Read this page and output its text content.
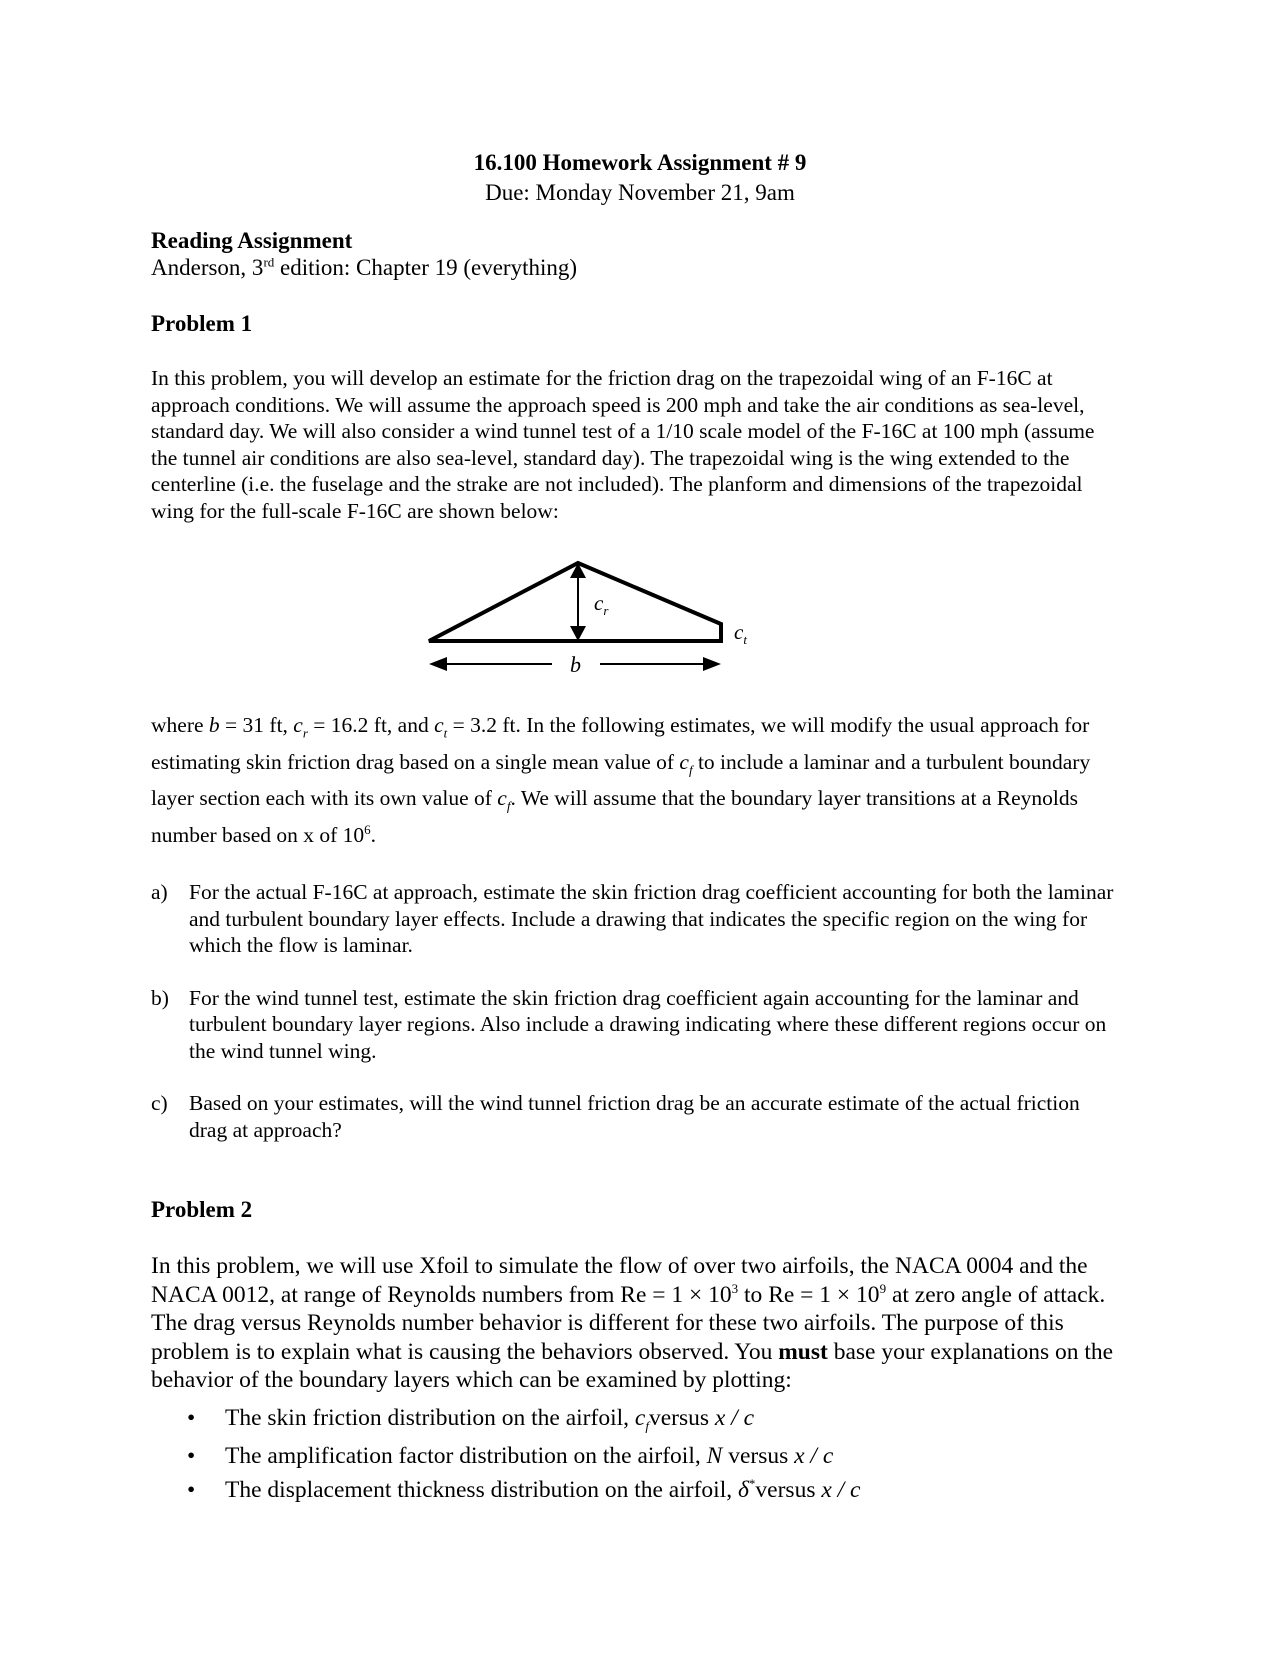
16.100 Homework Assignment # 9
Due: Monday November 21, 9am
Reading Assignment
Anderson, 3rd edition: Chapter 19 (everything)
Problem 1
In this problem, you will develop an estimate for the friction drag on the trapezoidal wing of an F-16C at approach conditions. We will assume the approach speed is 200 mph and take the air conditions as sea-level, standard day. We will also consider a wind tunnel test of a 1/10 scale model of the F-16C at 100 mph (assume the tunnel air conditions are also sea-level, standard day). The trapezoidal wing is the wing extended to the centerline (i.e. the fuselage and the strake are not included). The planform and dimensions of the trapezoidal wing for the full-scale F-16C are shown below:
$c_r$
$c_t$
b
where b = 31 ft, $c_r = 16.2$ ft, and $c_t = 3.2$ ft. In the following estimates, we will modify the usual approach for estimating skin friction drag based on a single mean value of $c_f$ to include a laminar and a turbulent boundary layer section each with its own value of $c_f$. We will assume that the boundary layer transitions at a Reynolds number based on x of $10^6$.
a) For the actual F-16C at approach, estimate the skin friction drag coefficient accounting for both the laminar and turbulent boundary layer effects. Include a drawing that indicates the specific region on the wing for which the flow is laminar.
b) For the wind tunnel test, estimate the skin friction drag coefficient again accounting for the laminar and turbulent boundary layer regions. Also include a drawing indicating where these different regions occur on the wind tunnel wing.
c) Based on your estimates, will the wind tunnel friction drag be an accurate estimate of the actual friction drag at approach?
Problem 2
In this problem, we will use Xfoil to simulate the flow of over two airfoils, the NACA 0004 and the NACA 0012, at range of Reynolds numbers from $Re = 1 \times 10^3$ to $Re = 1 \times 10^9$ at zero angle of attack. The drag versus Reynolds number behavior is different for these two airfoils. The purpose of this problem is to explain what is causing the behaviors observed. You must base your explanations on the behavior of the boundary layers which can be examined by plotting:
• The skin friction distribution on the airfoil, $c_fversus$ x / c
• The amplification factor distribution on the airfoil, N versus x / c
• The displacement thickness distribution on the airfoil, δ*versus x / c
